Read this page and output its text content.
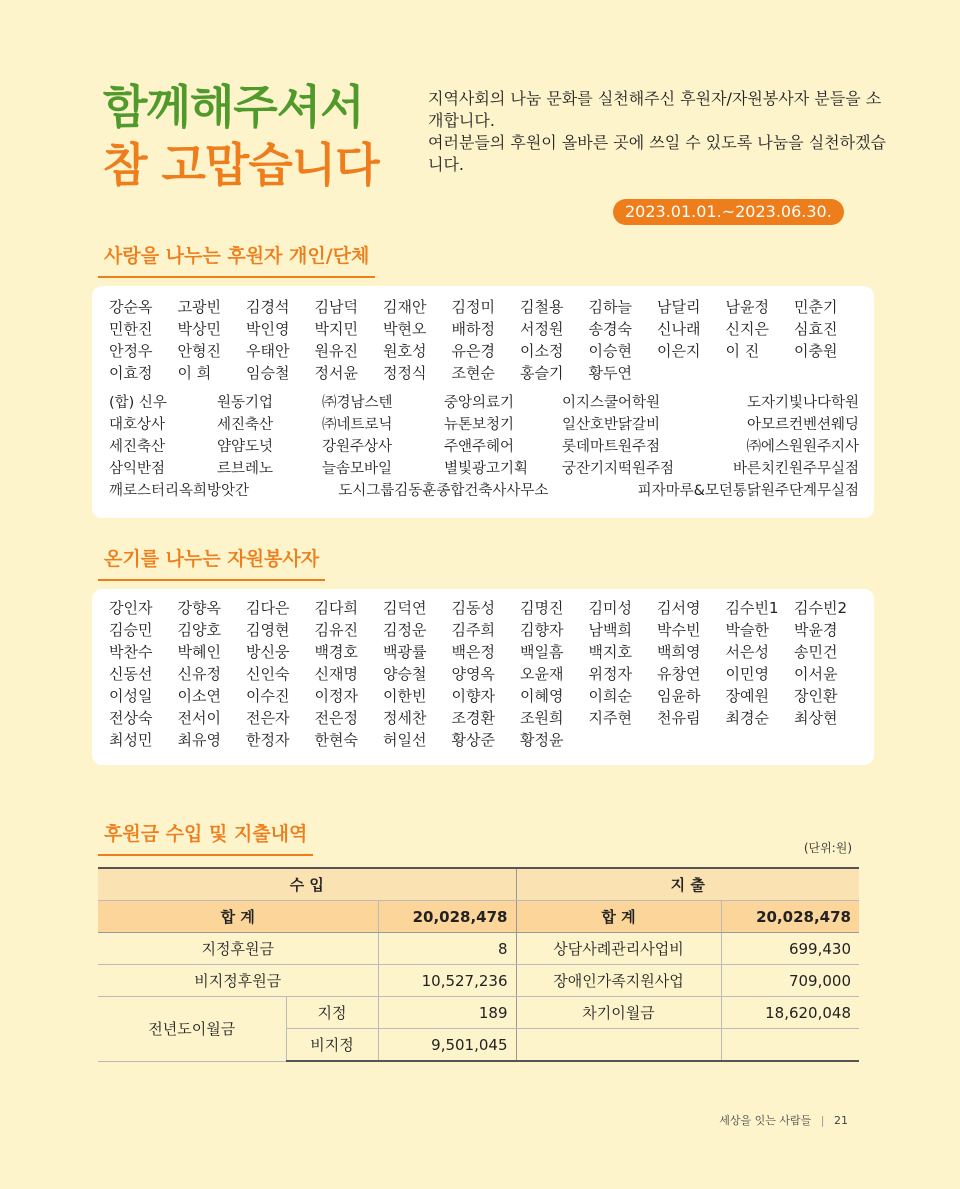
함께해주셔서
참 고맙습니다

지역사회의 나눔 문화를 실천해주신 후원자/자원봉사자 분들을 소개합니다.

여러분들의 후원이 올바른 곳에 쓰일 수 있도록 나눔을 실천하겠습니다.

2023.01.01.~2023.06.30.
사랑을 나누는 후원자 개인/단체
강순옥	고광빈	김경석	김남덕	김재안	김정미	김철용	김하늘	남달리	남윤정	민춘기
민한진	박상민	박인영	박지민	박현오	배하정	서정원	송경숙	신나래	신지은	심효진
안정우	안형진	우태안	원유진	원호성	유은경	이소정	이승현	이은지	이 진	이충원
이효정	이 희	임승철	정서윤	정정식	조현순	홍슬기	황두연
(합) 신우	원동기업	㈜경남스텐	중앙의료기	이지스쿨어학원	도자기빛나다학원
대호상사	세진축산	㈜네트로닉	뉴톤보청기	일산호반닭갈비	아모르컨벤션웨딩
세진축산	얌얌도넛	강원주상사	주앤주헤어	롯데마트원주점	㈜에스원원주지사
삼익반점	르브레노	늘솜모바일	별빛광고기획	궁잔기지떡원주점	바른치킨원주무실점
깨로스터리옥희방앗간	도시그룹김동훈종합건축사사무소	피자마루&모던통닭원주단계무실점
온기를 나누는 자원봉사자
강인자	강향옥	김다은	김다희	김덕연	김동성	김명진	김미성	김서영	김수빈1	김수빈2
김승민	김양호	김영현	김유진	김정운	김주희	김향자	남백희	박수빈	박슬한	박윤경
박찬수	박혜인	방신웅	백경호	백광률	백은정	백일흠	백지호	백희영	서은성	송민건
신동선	신유정	신인숙	신재명	양승철	양영옥	오윤재	위정자	유창연	이민영	이서윤
이성일	이소연	이수진	이정자	이한빈	이향자	이혜영	이희순	임윤하	장예원	장인환
전상숙	전서이	전은자	전은정	정세찬	조경환	조원희	지주현	천유림	최경순	최상현
최성민	최유영	한정자	한현숙	허일선	황상준	황정윤
후원금 수입 및 지출내역
(단위:원)
수 입			지 출	
합 계		20,028,478	합 계	20,028,478
지정후원금		8	상담사례관리사업비	699,430
비지정후원금		10,527,236	장애인가족지원사업	709,000
전년도이월금	지정	189	차기이월금	18,620,048
	비지정	9,501,045		
세상을 잇는 사람들 | 21
